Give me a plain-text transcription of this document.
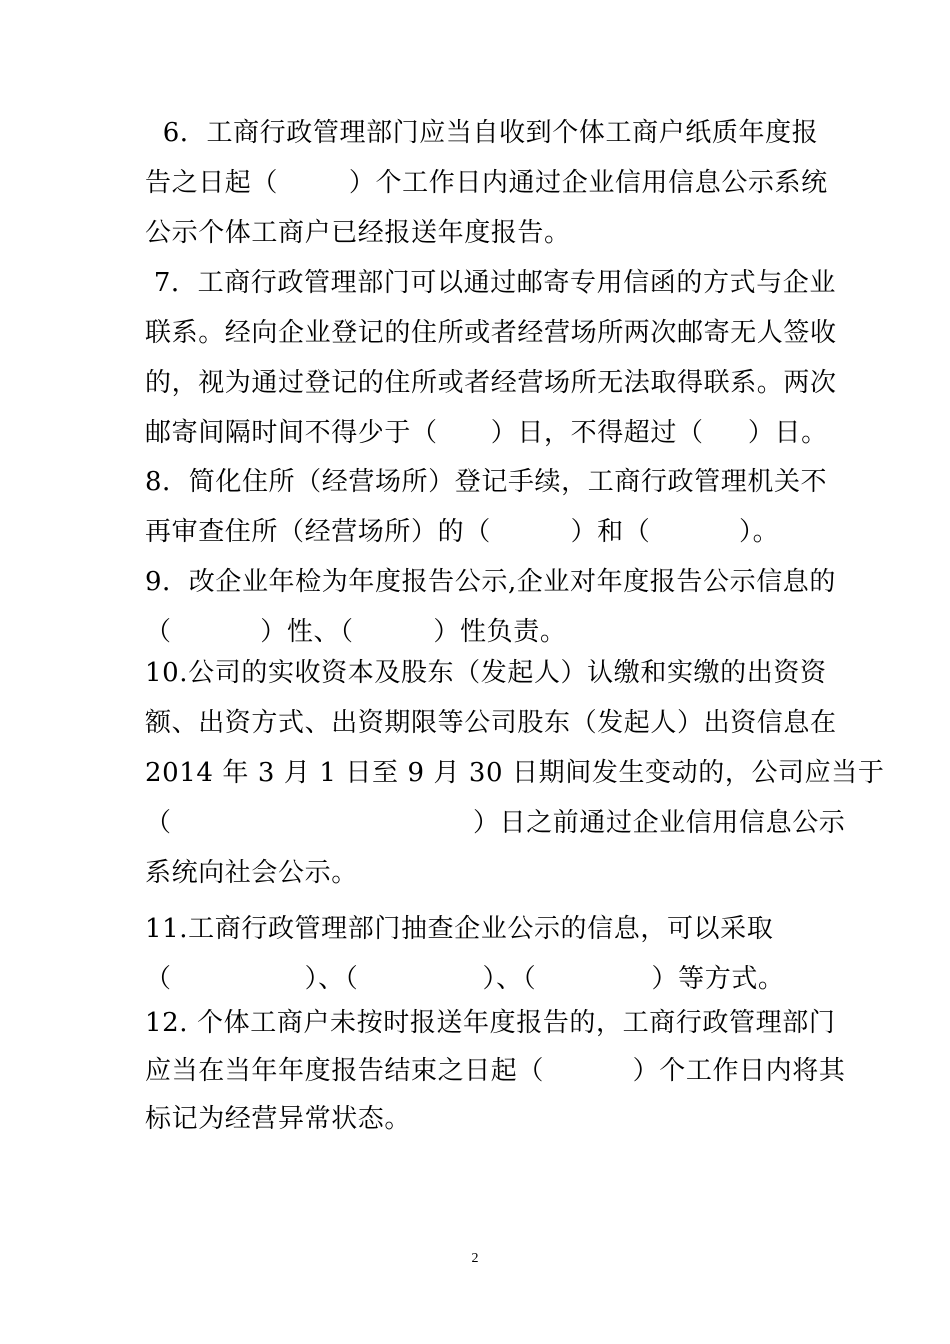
6．工商行政管理部门应当自收到个体工商户纸质年度报
告之日起（        ）个工作日内通过企业信用信息公示系统
公示个体工商户已经报送年度报告。
7．工商行政管理部门可以通过邮寄专用信函的方式与企业
联系。经向企业登记的住所或者经营场所两次邮寄无人签收
的，视为通过登记的住所或者经营场所无法取得联系。两次
邮寄间隔时间不得少于（      ）日，不得超过（     ）日。
8．简化住所（经营场所）登记手续，工商行政管理机关不
再审查住所（经营场所）的（         ）和（          ）。
9．改企业年检为年度报告公示,企业对年度报告公示信息的
（          ）性、（         ）性负责。
10.公司的实收资本及股东（发起人）认缴和实缴的出资资
额、出资方式、出资期限等公司股东（发起人）出资信息在
2014 年 3 月 1 日至 9 月 30 日期间发生变动的，公司应当于
（                                  ）日之前通过企业信用信息公示
系统向社会公示。
11.工商行政管理部门抽查企业公示的信息，可以采取
（               ）、（              ）、（             ）等方式。
12. 个体工商户未按时报送年度报告的，工商行政管理部门
应当在当年年度报告结束之日起（          ）个工作日内将其
标记为经营异常状态。
2
